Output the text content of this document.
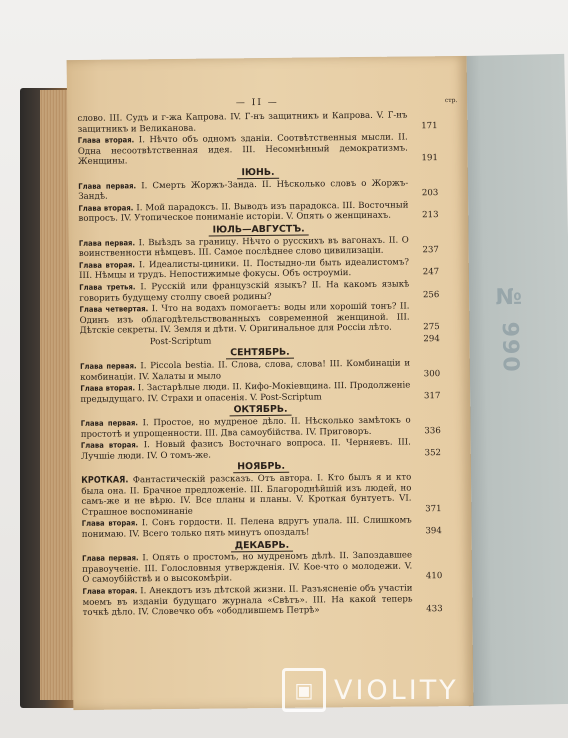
№ 990
— II —	стр.
слово. III. Судъ и г-жа Капрова. IV. Г-нъ защитникъ и Капрова. V. Г-нъ защитникъ и Великанова.	171
Глава вторая. I. Нѣчто объ одномъ зданіи. Соотвѣтственныя мысли. II. Одна несоотвѣтственная идея. III. Несомнѣнный демократизмъ. Женщины.	191
ІЮНЬ.
Глава первая. I. Смерть Жоржъ-Занда. II. Нѣсколько словъ о Жоржъ-Зандѣ.	203
Глава вторая. I. Мой парадоксъ. II. Выводъ изъ парадокса. III. Восточный вопросъ. IV. Утопическое пониманіе исторіи. V. Опять о женщинахъ.	213
ІЮЛЬ—АВГУСТЪ.
Глава первая. I. Выѣздъ за границу. Нѣчто о русскихъ въ вагонахъ. II. О воинственности нѣмцевъ. III. Самое послѣднее слово цивилизаціи.	237
Глава вторая. I. Идеалисты-циники. II. Постыдно-ли быть идеалистомъ? III. Нѣмцы и трудъ. Непостижимые фокусы. Объ остроуміи.	247
Глава третья. I. Русскій или французскій языкъ? II. На какомъ языкѣ говорить будущему столпу своей родины?	256
Глава четвертая. I. Что на водахъ помогаетъ: воды или хорошій тонъ? II. Одинъ изъ облагодѣтельствованныхъ современной женщиной. III. Дѣтскіе секреты. IV. Земля и дѣти. V. Оригинальное для Россіи лѣто.	275
Post-Scriptum	294
СЕНТЯБРЬ.
Глава первая. I. Piccola bestia. II. Слова, слова, слова! III. Комбинаціи и комбинаціи. IV. Халаты и мыло	300
Глава вторая. I. Застарѣлые люди. II. Кифо-Мокіевщина. III. Продолженіе предыдущаго. IV. Страхи и опасенія. V. Post-Scriptum	317
ОКТЯБРЬ.
Глава первая. I. Простое, но мудреное дѣло. II. Нѣсколько замѣтокъ о простотѣ и упрощенности. III. Два самоубійства. IV. Приговоръ.	336
Глава вторая. I. Новый фазисъ Восточнаго вопроса. II. Черняевъ. III. Лучшіе люди. IV. О томъ-же.	352
НОЯБРЬ.
КРОТКАЯ. Фантастическій разсказъ. Отъ автора. I. Кто былъ я и кто была она. II. Брачное предложеніе. III. Благороднѣйшій изъ людей, но самъ-же и не вѣрю. IV. Все планы и планы. V. Кроткая бунтуетъ. VI. Страшное воспоминаніе	371
Глава вторая. I. Сонъ гордости. II. Пелена вдругъ упала. III. Слишкомъ понимаю. IV. Всего только пять минутъ опоздалъ!	394
ДЕКАБРЬ.
Глава первая. I. Опять о простомъ, но мудреномъ дѣлѣ. II. Запоздавшее правоученіе. III. Голословныя утвержденія. IV. Кое-что о молодежи. V. О самоубійствѣ и о высокомѣріи.	410
Глава вторая. I. Анекдотъ изъ дѣтской жизни. II. Разъясненіе объ участіи моемъ въ изданіи будущаго журнала «Свѣтъ». III. На какой теперь точкѣ дѣло. IV. Словечко объ «ободлившемъ Петрѣ»	433
▣ VIOLITY
